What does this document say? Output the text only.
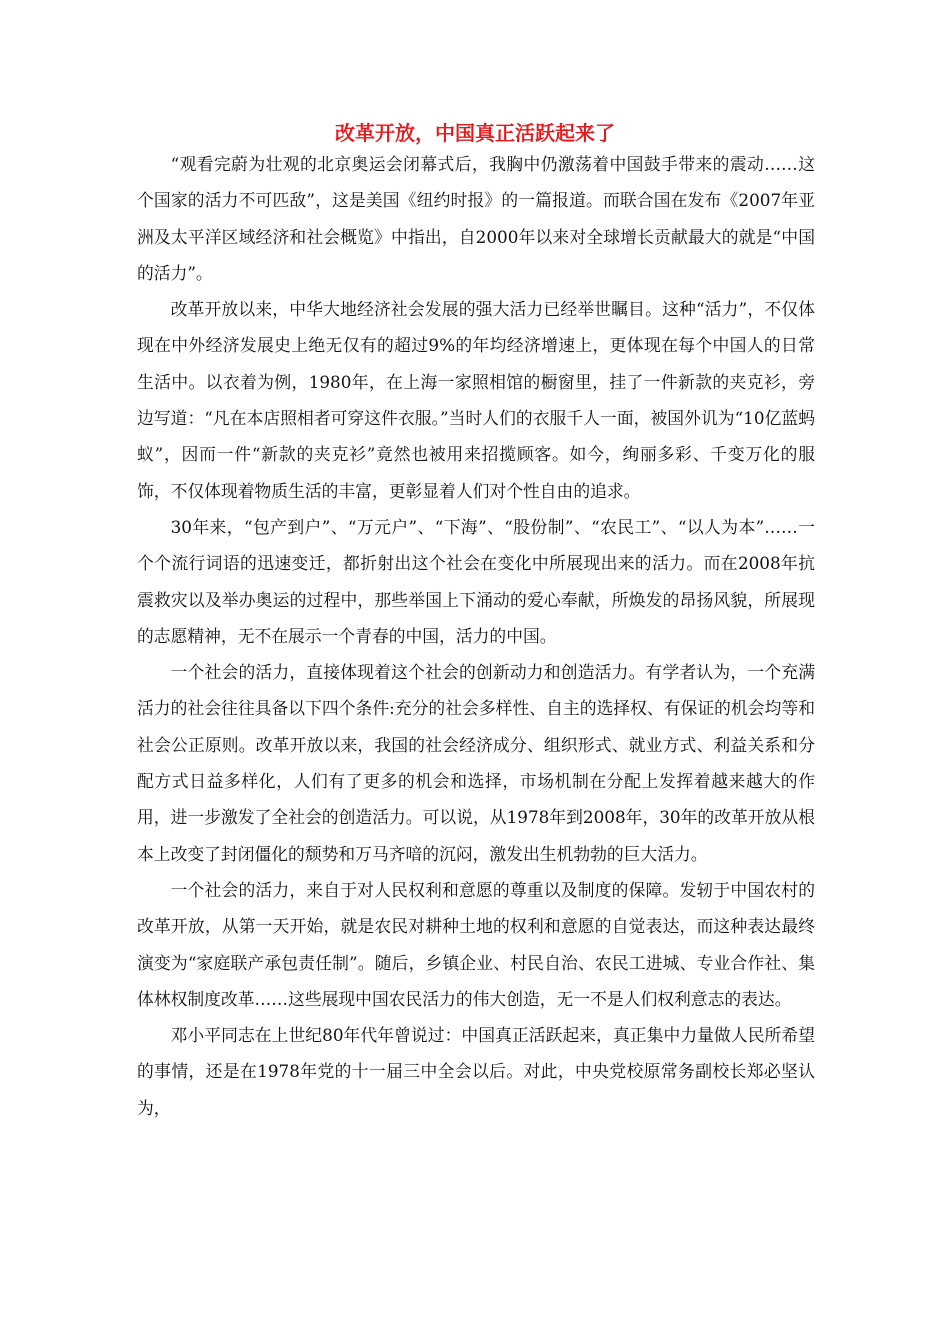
改革开放，中国真正活跃起来了

“观看完蔚为壮观的北京奥运会闭幕式后，我胸中仍激荡着中国鼓手带来的震动……这个国家的活力不可匹敌”，这是美国《纽约时报》的一篇报道。而联合国在发布《2007年亚洲及太平洋区域经济和社会概览》中指出，自2000年以来对全球增长贡献最大的就是“中国的活力”。

改革开放以来，中华大地经济社会发展的强大活力已经举世瞩目。这种“活力”，不仅体现在中外经济发展史上绝无仅有的超过9%的年均经济增速上，更体现在每个中国人的日常生活中。以衣着为例，1980年，在上海一家照相馆的橱窗里，挂了一件新款的夹克衫，旁边写道：“凡在本店照相者可穿这件衣服。”当时人们的衣服千人一面，被国外讥为“10亿蓝蚂蚁”，因而一件“新款的夹克衫”竟然也被用来招揽顾客。如今，绚丽多彩、千变万化的服饰，不仅体现着物质生活的丰富，更彰显着人们对个性自由的追求。

30年来，“包产到户”、“万元户”、“下海”、“股份制”、“农民工”、“以人为本”……一个个流行词语的迅速变迁，都折射出这个社会在变化中所展现出来的活力。而在2008年抗震救灾以及举办奥运的过程中，那些举国上下涌动的爱心奉献，所焕发的昂扬风貌，所展现的志愿精神，无不在展示一个青春的中国，活力的中国。

一个社会的活力，直接体现着这个社会的创新动力和创造活力。有学者认为，一个充满活力的社会往往具备以下四个条件:充分的社会多样性、自主的选择权、有保证的机会均等和社会公正原则。改革开放以来，我国的社会经济成分、组织形式、就业方式、利益关系和分配方式日益多样化，人们有了更多的机会和选择，市场机制在分配上发挥着越来越大的作用，进一步激发了全社会的创造活力。可以说，从1978年到2008年，30年的改革开放从根本上改变了封闭僵化的颓势和万马齐喑的沉闷，激发出生机勃勃的巨大活力。

一个社会的活力，来自于对人民权利和意愿的尊重以及制度的保障。发轫于中国农村的改革开放，从第一天开始，就是农民对耕种土地的权利和意愿的自觉表达，而这种表达最终演变为“家庭联产承包责任制”。随后，乡镇企业、村民自治、农民工进城、专业合作社、集体林权制度改革……这些展现中国农民活力的伟大创造，无一不是人们权利意志的表达。

邓小平同志在上世纪80年代年曾说过：中国真正活跃起来，真正集中力量做人民所希望的事情，还是在1978年党的十一届三中全会以后。对此，中央党校原常务副校长郑必坚认为，
